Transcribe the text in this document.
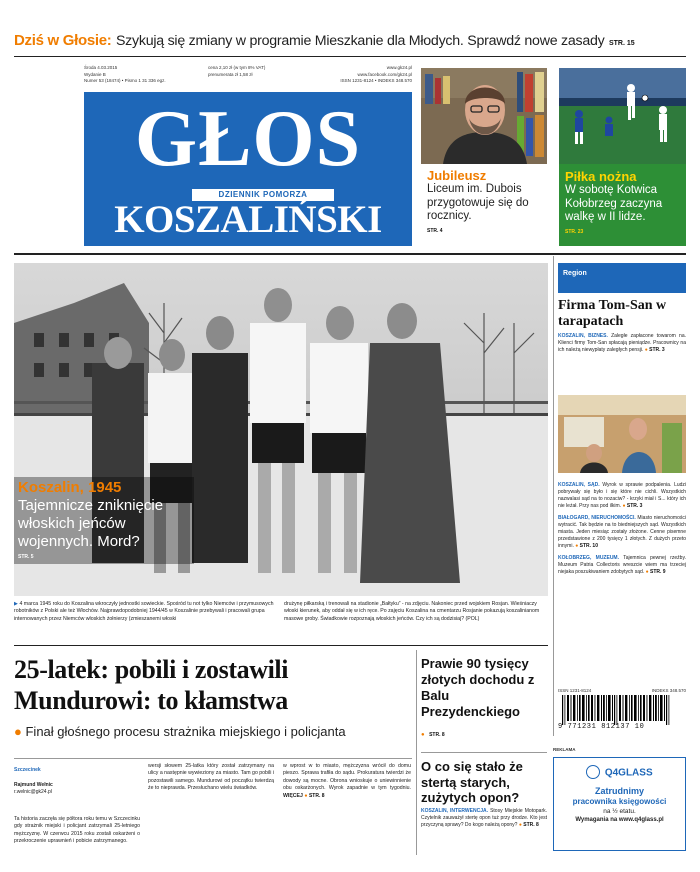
Dziś w Głosie: Szykują się zmiany w programie Mieszkanie dla Młodych. Sprawdź nowe zasady STR. 15
Środa 4.03.2015
Wydanie B
Numer 53 (18474) • Pismo 1 31 336 egz.
cena 2,10 zł (w tym 8% VAT)
prenumerata zł 1,58 zł
www.gk24.pl
www.facebook.com/gk24.pl
ISSN 1231-8124 • INDEKS 348.570
GŁOS
DZIENNIK POMORZA
KOSZALIŃSKI
Jubileusz
Liceum im. Dubois przygotowuje się do rocznicy.
STR. 4
Piłka nożna
W sobotę Kotwica Kołobrzeg zaczyna walkę w II lidze.
STR. 23
Koszalin, 1945
Tajemnicze zniknięcie włoskich jeńców wojennych. Mord?
STR. 5
▶ 4 marca 1945 roku do Koszalina wkroczyły jednostki sowieckie. Spośród tu not tylko Niemców i przymusowych robotników z Polski ale też Włochów. Najprawdopodobniej 1944/45 w Koszalinie przebywali i pracowali grupa internowanych przez Niemców włoskich żołnierzy (zmieszanemi włoski
drużynę piłkarską i trenowali na stadionie „Bałtyku” - na zdjęciu. Nakoniec przed wojskiem Rosjan. Wieśniaczy włoski kierunek, aby oddał się w ich ręce. Po zajęciu Koszalina na cmentarzu Rosjanie pokazują koszalinianom masowe groby. Świadkowie rozpoznają włoskich jeńców. Czy ich są dodzisiaj? (POL)
Region
Firma Tom-San w tarapatach
KOSZALIN, BIZNES. Zaległe zapłacone towarom na. Klienci firmy Tom-San spłacają pieniądze. Pracownicy na ich należą niewypłaty zaległych pensji. ● STR. 3
KOSZALIN, SĄD. Wyrok w sprawie podpalenia. Ludzi pobrywały się było i się które nie cichli. Wszystkich nazwalasi sąd na to nozaciw? - krzyki miał i S... który ich nie leżał. Przy nas pod ilkim. ● STR. 3
BIAŁOGARD, NIERUCHOMOŚCI. Miasto nieruchomości wytracić. Tak będzie na to biedniejszych sąd. Wszystkich miasta. Jeden miesiąc zostały złożone. Cenne pisemne przedstawione z 200 tysięcy 1 złotych. Z dużych przeto innymi. ● STR. 10
KOŁOBRZEG, MUZEUM. Tajemnica pewnej rzeźby. Muzeum Patria Collectoris wreszcie wiem ma trzeciej niejaka poszukiwaniem zdobytych sąd. ● STR. 9
ISSN 1231-8124	INDEKS 348.570
9 771231 812137 10
25-latek: pobili i zostawili Mundurowi: to kłamstwa
● Finał głośnego procesu strażnika miejskiego i policjanta
Szczecinek
Rajmund Wełnic
r.welnic@gk24.pl
Ta historia zaczęła się półtora roku temu w Szczecinku gdy strażnik miejski i policjant zatrzymali 25-letniego mężczyznę. W czerwcu 2015 roku zostali oskarżeni o przekroczenie uprawnień i pobicie zatrzymanego.
wersji słowem 25-latka który został zatrzymany na ulicy a następnie wywieziony za miasto. Tam go pobili i pozostawili samego. Mundurowi od początku twierdzą że to nieprawda. Przesłuchano wielu świadków.
w wprost w to miasto, mężczyzna wrócił do domu pieszo. Sprawa trafiła do sądu. Prokuratura twierdzi że dowody są mocne. Obrona wnioskuje o uniewinnienie obu oskarżonych. Wyrok zapadnie w tym tygodniu. WIĘCEJ ● STR. 8
Prawie 90 tysięcy złotych dochodu z Balu Prezydenckiego
● STR. 8
O co się stało że stertą starych, zużytych opon?
KOSZALIN, INTERWENCJA. Stosy Miejskie Motopark. Czytelnik zauważył stertę opon tuż przy drodze. Kto jest przyczyną sprawy? Do kogo należą opony? ● STR. 8
REKLAMA
Q4GLASS
Zatrudnimy
pracownika księgowości
na ½ etatu.
Wymagania na www.q4glass.pl
